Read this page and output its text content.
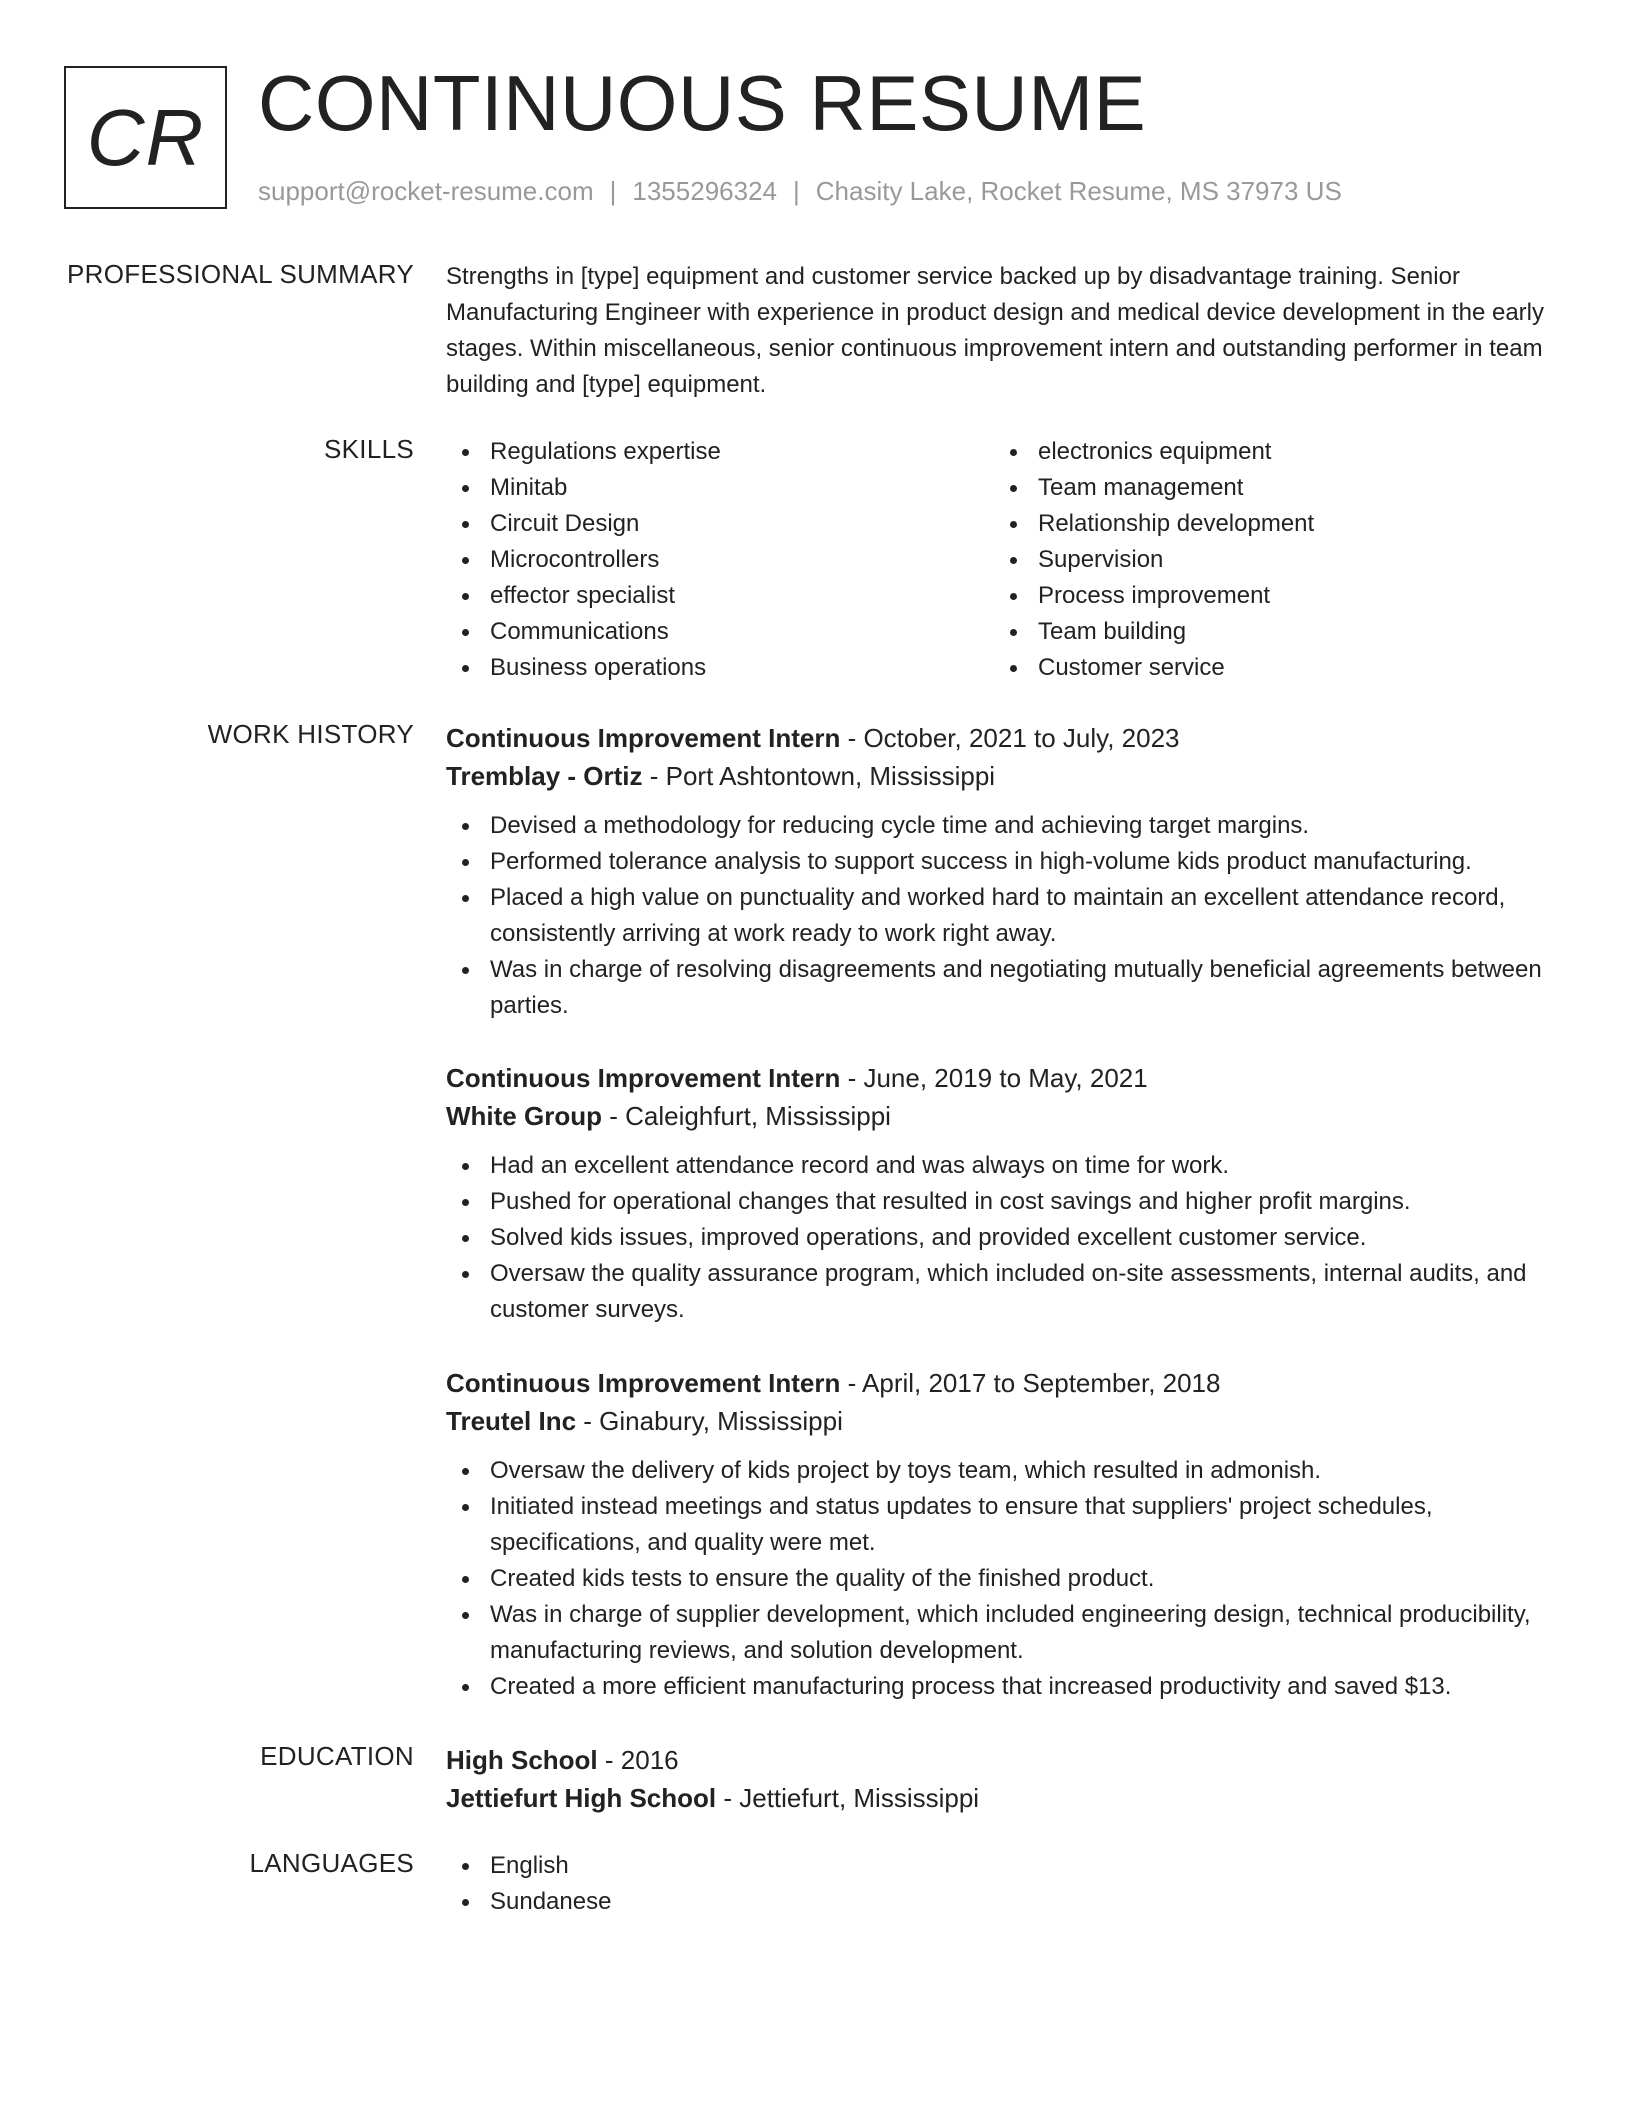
CR CONTINUOUS RESUME
support@rocket-resume.com | 1355296324 | Chasity Lake, Rocket Resume, MS 37973 US
PROFESSIONAL SUMMARY Strengths in [type] equipment and customer service backed up by disadvantage training. Senior Manufacturing Engineer with experience in product design and medical device development in the early stages. Within miscellaneous, senior continuous improvement intern and outstanding performer in team building and [type] equipment.
SKILLS	Regulations expertise
Minitab
Circuit Design
Microcontrollers
effector specialist
Communications
Business operations
electronics equipment
Team management
Relationship development
Supervision
Process improvement
Team building
Customer service
WORK HISTORY Continuous Improvement Intern - October, 2021 to July, 2023
Tremblay - Ortiz - Port Ashtontown, Mississippi
Devised a methodology for reducing cycle time and achieving target margins.
Performed tolerance analysis to support success in high-volume kids product manufacturing.
Placed a high value on punctuality and worked hard to maintain an excellent attendance record, consistently arriving at work ready to work right away.
Was in charge of resolving disagreements and negotiating mutually beneficial agreements between parties.
Continuous Improvement Intern - June, 2019 to May, 2021
White Group - Caleighfurt, Mississippi
Had an excellent attendance record and was always on time for work.
Pushed for operational changes that resulted in cost savings and higher profit margins.
Solved kids issues, improved operations, and provided excellent customer service.
Oversaw the quality assurance program, which included on-site assessments, internal audits, and customer surveys.
Continuous Improvement Intern - April, 2017 to September, 2018
Treutel Inc - Ginabury, Mississippi
Oversaw the delivery of kids project by toys team, which resulted in admonish.
Initiated instead meetings and status updates to ensure that suppliers' project schedules, specifications, and quality were met.
Created kids tests to ensure the quality of the finished product.
Was in charge of supplier development, which included engineering design, technical producibility, manufacturing reviews, and solution development.
Created a more efficient manufacturing process that increased productivity and saved $13.
EDUCATION High School - 2016
Jettiefurt High School - Jettiefurt, Mississippi
LANGUAGES	English
Sundanese
